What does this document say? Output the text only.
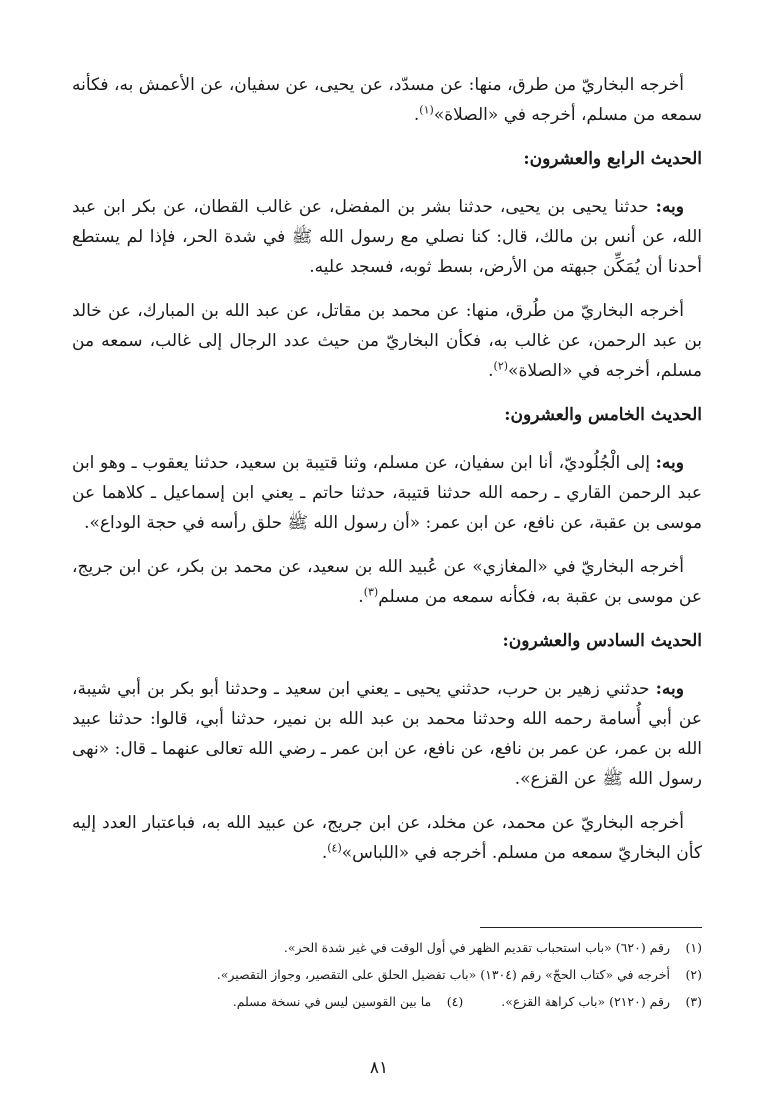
أخرجه البخاريّ من طرق، منها: عن مسدّد، عن يحيى، عن سفيان، عن الأعمش به، فكأنه سمعه من مسلم، أخرجه في «الصلاة»$^{(١)}$.
الحديث الرابع والعشرون:
وبه: حدثنا يحيى بن يحيى، حدثنا بشر بن المفضل، عن غالب القطان، عن بكر ابن عبد الله، عن أنس بن مالك، قال: كنا نصلي مع رسول الله ﷺ في شدة الحر، فإذا لم يستطع أحدنا أن يُمَكِّن جبهته من الأرض، بسط ثوبه، فسجد عليه.
أخرجه البخاريّ من طُرق، منها: عن محمد بن مقاتل، عن عبد الله بن المبارك، عن خالد بن عبد الرحمن، عن غالب به، فكأن البخاريّ من حيث عدد الرجال إلى غالب، سمعه من مسلم، أخرجه في «الصلاة»$^{(٢)}$.
الحديث الخامس والعشرون:
وبه: إلى الْجُلُوديّ، أنا ابن سفيان، عن مسلم، وثنا قتيبة بن سعيد، حدثنا يعقوب ـ وهو ابن عبد الرحمن القاري ـ رحمه الله حدثنا قتيبة، حدثنا حاتم ـ يعني ابن إسماعيل ـ كلاهما عن موسى بن عقبة، عن نافع، عن ابن عمر: «أن رسول الله ﷺ حلق رأسه في حجة الوداع».
أخرجه البخاريّ في «المغازي» عن عُبيد الله بن سعيد، عن محمد بن بكر، عن ابن جريج، عن موسى بن عقبة به، فكأنه سمعه من مسلم$^{(٣)}$.
الحديث السادس والعشرون:
وبه: حدثني زهير بن حرب، حدثني يحيى ـ يعني ابن سعيد ـ وحدثنا أبو بكر بن أبي شيبة، عن أبي أُسامة رحمه الله وحدثنا محمد بن عبد الله بن نمير، حدثنا أبي، قالوا: حدثنا عبيد الله بن عمر، عن عمر بن نافع، عن نافع، عن ابن عمر ـ رضي الله تعالى عنهما ـ قال: «نهى رسول الله ﷺ عن القزع».
أخرجه البخاريّ عن محمد، عن مخلد، عن ابن جريج، عن عبيد الله به، فباعتبار العدد إليه كأن البخاريّ سمعه من مسلم. أخرجه في «اللباس»$^{(٤)}$.
(١)رقم (٦٢٠) «باب استحباب تقديم الظهر في أول الوقت في غير شدة الحر».
(٢)أخرجه في «كتاب الحجّ» رقم (١٣٠٤) «باب تفضيل الحلق على التقصير، وجواز التقصير».
(٣)رقم (٢١٢٠) «باب كراهة القزع».(٤)ما بين القوسين ليس في نسخة مسلم.
٨١
